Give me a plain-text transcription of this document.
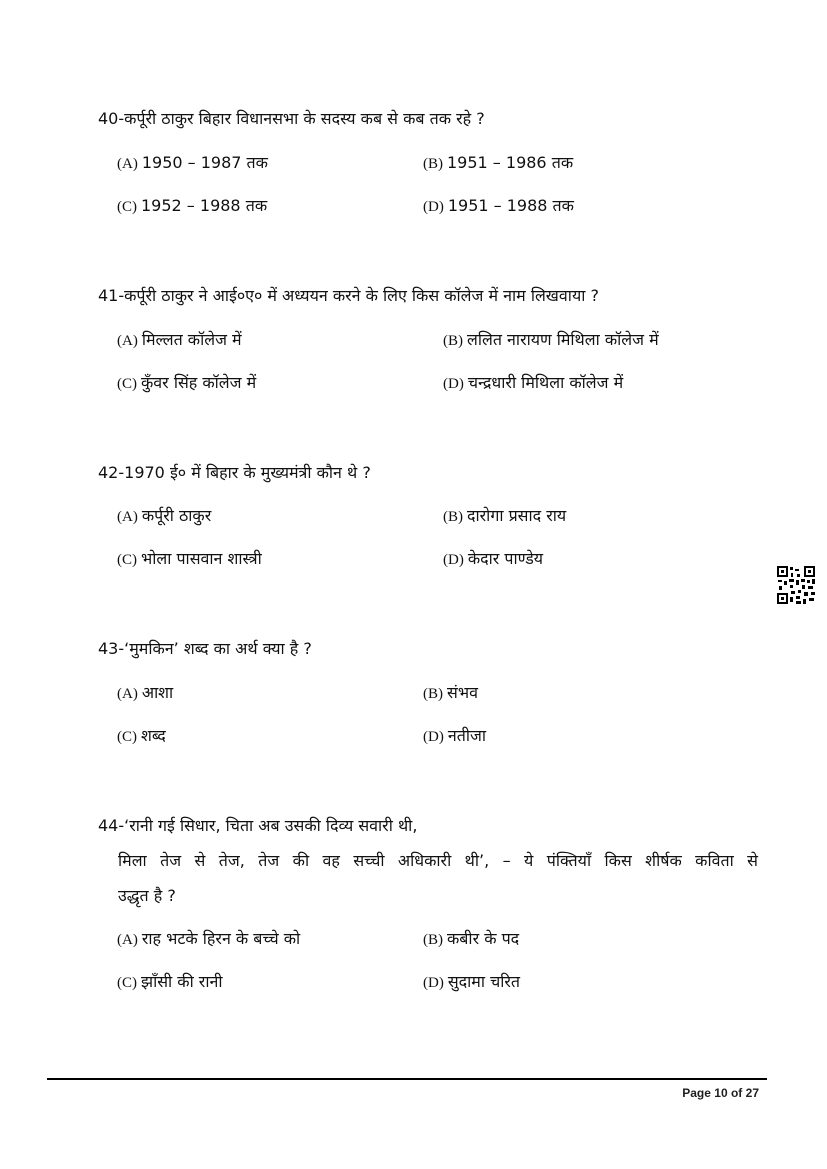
40-कर्पूरी ठाकुर बिहार विधानसभा के सदस्य कब से कब तक रहे ?
(A) 1950 – 1987 तक	(B) 1951 – 1986 तक
(C) 1952 – 1988 तक	(D) 1951 – 1988 तक
41-कर्पूरी ठाकुर ने आई०ए० में अध्ययन करने के लिए किस कॉलेज में नाम लिखवाया ?
(A) मिल्लत कॉलेज में	(B) ललित नारायण मिथिला कॉलेज में
(C) कुँवर सिंह कॉलेज में	(D) चन्द्रधारी मिथिला कॉलेज में
42-1970 ई० में बिहार के मुख्यमंत्री कौन थे ?
(A) कर्पूरी ठाकुर	(B) दारोगा प्रसाद राय
(C) भोला पासवान शास्त्री	(D) केदार पाण्डेय
43-‘मुमकिन’ शब्द का अर्थ क्या है ?
(A) आशा	(B) संभव
(C) शब्द	(D) नतीजा
44-‘रानी गई सिधार, चिता अब उसकी दिव्य सवारी थी,
मिला तेज से तेज, तेज की वह सच्ची अधिकारी थी’, – ये पंक्तियाँ किस शीर्षक कविता से
उद्धृत है ?
(A) राह भटके हिरन के बच्चे को	(B) कबीर के पद
(C) झाँसी की रानी	(D) सुदामा चरित
Page 10 of 27
